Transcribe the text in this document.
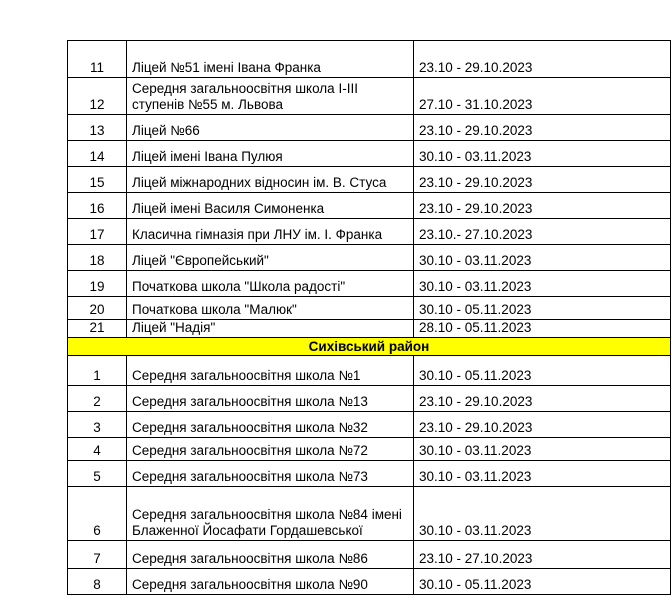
11	Ліцей №51 імені Івана Франка	23.10 - 29.10.2023
12	Середня загальноосвітня школа І-ІІІ ступенів №55 м. Львова	27.10 - 31.10.2023
13	Ліцей №66	23.10 - 29.10.2023
14	Ліцей імені Івана Пулюя	30.10 - 03.11.2023
15	Ліцей міжнародних відносин ім. В. Стуса	23.10 - 29.10.2023
16	Ліцей імені Василя Симоненка	23.10 - 29.10.2023
17	Класична гімназія при ЛНУ ім. І. Франка	23.10.- 27.10.2023
18	Ліцей "Європейський"	30.10 - 03.11.2023
19	Початкова школа "Школа радості"	30.10 - 03.11.2023
20	Початкова школа "Малюк"	30.10 - 05.11.2023
21	Ліцей "Надія"	28.10 - 05.11.2023
Сихівський район		
1	Середня загальноосвітня школа №1	30.10 - 05.11.2023
2	Середня загальноосвітня школа №13	23.10 - 29.10.2023
3	Середня загальноосвітня школа №32	23.10 - 29.10.2023
4	Середня загальноосвітня школа №72	30.10 - 03.11.2023
5	Середня загальноосвітня школа №73	30.10 - 03.11.2023
6	Середня загальноосвітня школа №84 імені Блаженної Йосафати Гордашевської	30.10 - 03.11.2023
7	Середня загальноосвітня школа №86	23.10 - 27.10.2023
8	Середня загальноосвітня школа №90	30.10 - 05.11.2023
